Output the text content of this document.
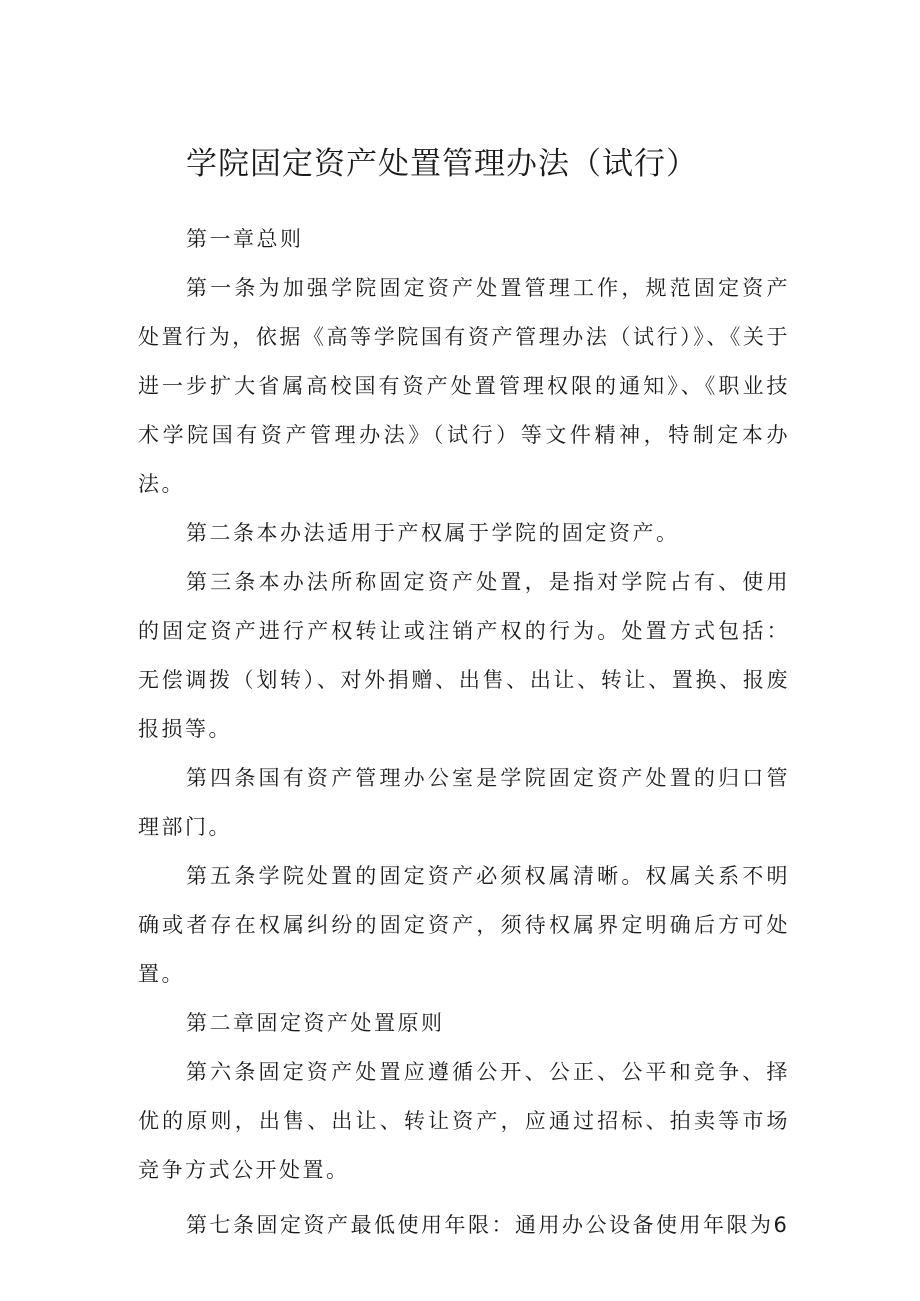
学院固定资产处置管理办法（试行）

第一章总则

第一条为加强学院固定资产处置管理工作，规范固定资产处置行为，依据《高等学院国有资产管理办法（试行）》、《关于进一步扩大省属高校国有资产处置管理权限的通知》、《职业技术学院国有资产管理办法》（试行）等文件精神，特制定本办法。

第二条本办法适用于产权属于学院的固定资产。

第三条本办法所称固定资产处置，是指对学院占有、使用的固定资产进行产权转让或注销产权的行为。处置方式包括：无偿调拨（划转）、对外捐赠、出售、出让、转让、置换、报废报损等。

第四条国有资产管理办公室是学院固定资产处置的归口管理部门。

第五条学院处置的固定资产必须权属清晰。权属关系不明确或者存在权属纠纷的固定资产，须待权属界定明确后方可处置。

第二章固定资产处置原则

第六条固定资产处置应遵循公开、公正、公平和竞争、择优的原则，出售、出让、转让资产，应通过招标、拍卖等市场竞争方式公开处置。

第七条固定资产最低使用年限：通用办公设备使用年限为6
